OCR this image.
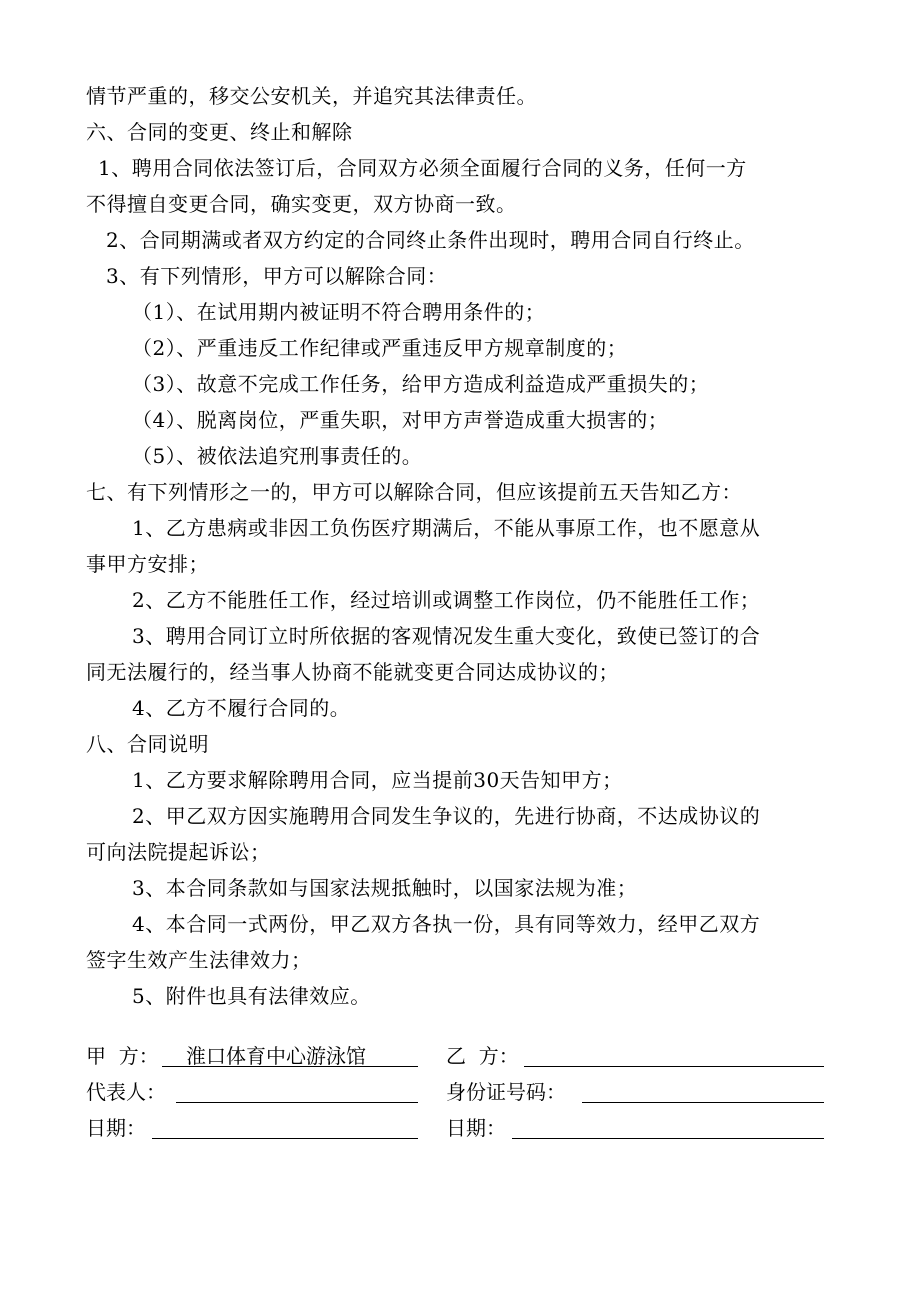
情节严重的，移交公安机关，并追究其法律责任。
六、合同的变更、终止和解除
1、聘用合同依法签订后，合同双方必须全面履行合同的义务，任何一方
不得擅自变更合同，确实变更，双方协商一致。
2、合同期满或者双方约定的合同终止条件出现时，聘用合同自行终止。
3、有下列情形，甲方可以解除合同：
（1）、在试用期内被证明不符合聘用条件的；
（2）、严重违反工作纪律或严重违反甲方规章制度的；
（3）、故意不完成工作任务，给甲方造成利益造成严重损失的；
（4）、脱离岗位，严重失职，对甲方声誉造成重大损害的；
（5）、被依法追究刑事责任的。
七、有下列情形之一的，甲方可以解除合同，但应该提前五天告知乙方：
1、乙方患病或非因工负伤医疗期满后，不能从事原工作，也不愿意从
事甲方安排；
2、乙方不能胜任工作，经过培训或调整工作岗位，仍不能胜任工作；
3、聘用合同订立时所依据的客观情况发生重大变化，致使已签订的合
同无法履行的，经当事人协商不能就变更合同达成协议的；
4、乙方不履行合同的。
八、合同说明
1、乙方要求解除聘用合同，应当提前30天告知甲方；
2、甲乙双方因实施聘用合同发生争议的，先进行协商，不达成协议的
可向法院提起诉讼；
3、本合同条款如与国家法规抵触时，以国家法规为准；
4、本合同一式两份，甲乙双方各执一份，具有同等效力，经甲乙双方
签字生效产生法律效力；
5、附件也具有法律效应。
甲  方： 淮口体育中心游泳馆	乙  方：
代表人：	身份证号码：
日期：	日期：
